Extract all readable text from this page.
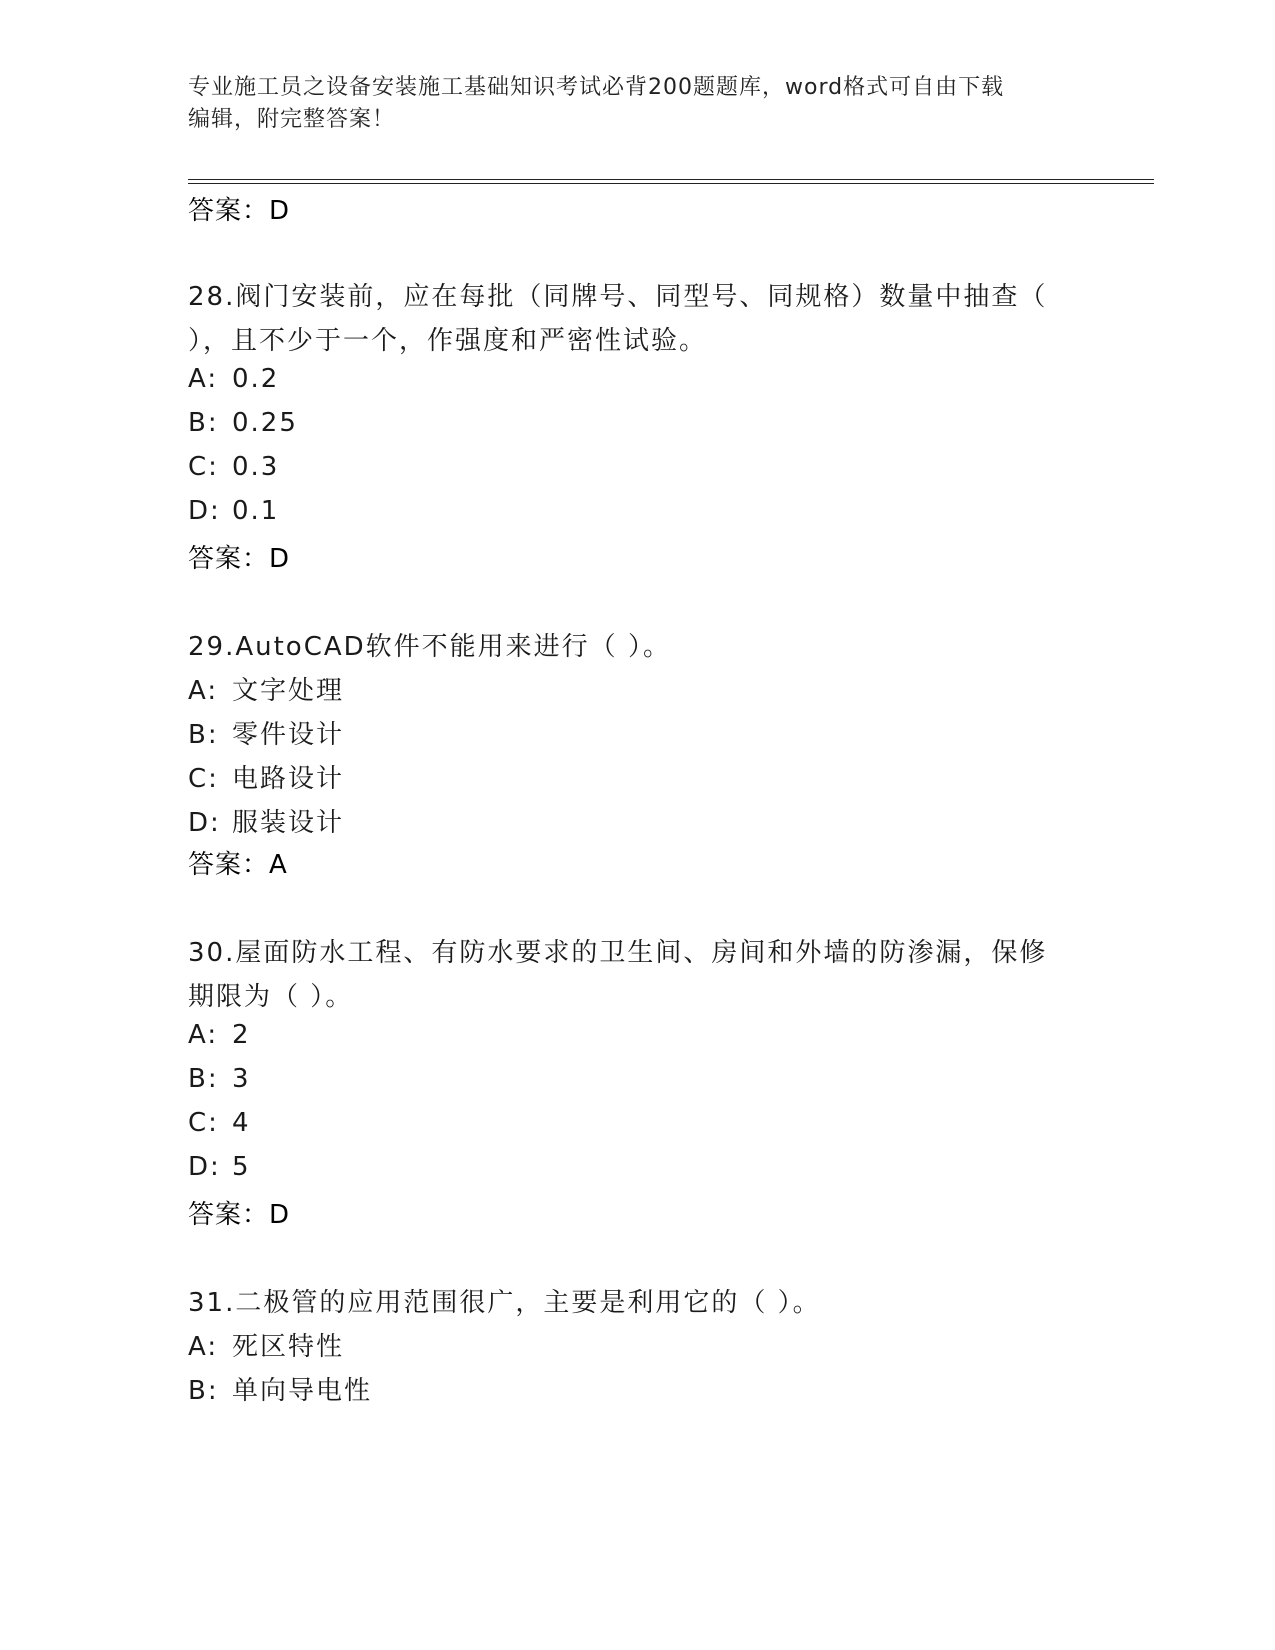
专业施工员之设备安装施工基础知识考试必背200题题库，word格式可自由下载
编辑，附完整答案！
答案：D
28.阀门安装前，应在每批（同牌号、同型号、同规格）数量中抽查（
），且不少于一个，作强度和严密性试验。
A: 0.2
B: 0.25
C: 0.3
D: 0.1
答案：D
29.AutoCAD软件不能用来进行（ ）。
A: 文字处理
B: 零件设计
C: 电路设计
D: 服装设计
答案：A
30.屋面防水工程、有防水要求的卫生间、房间和外墙的防渗漏，保修
期限为（ ）。
A: 2
B: 3
C: 4
D: 5
答案：D
31.二极管的应用范围很广，主要是利用它的（ ）。
A: 死区特性
B: 单向导电性
